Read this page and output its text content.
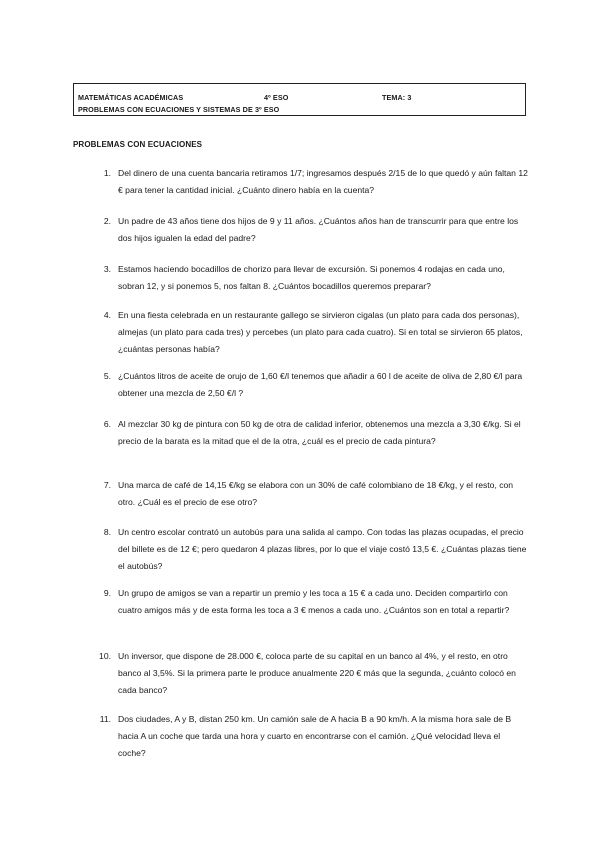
MATEMÁTICAS ACADÉMICAS	4º ESO	TEMA: 3
PROBLEMAS CON ECUACIONES Y SISTEMAS DE 3º ESO
PROBLEMAS CON ECUACIONES
1. Del dinero de una cuenta bancaria retiramos 1/7; ingresamos después 2/15 de lo que quedó y aún faltan 12 € para tener la cantidad inicial. ¿Cuánto dinero había en la cuenta?
2. Un padre de 43 años tiene dos hijos de 9 y 11 años. ¿Cuántos años han de transcurrir para que entre los dos hijos igualen la edad del padre?
3. Estamos haciendo bocadillos de chorizo para llevar de excursión. Si ponemos 4 rodajas en cada uno, sobran 12, y si ponemos 5, nos faltan 8. ¿Cuántos bocadillos queremos preparar?
4. En una fiesta celebrada en un restaurante gallego se sirvieron cigalas (un plato para cada dos personas), almejas (un plato para cada tres) y percebes (un plato para cada cuatro). Si en total se sirvieron 65 platos, ¿cuántas personas había?
5. ¿Cuántos litros de aceite de orujo de 1,60 €/l tenemos que añadir a 60 l de aceite de oliva de 2,80 €/l para obtener una mezcla de 2,50 €/l ?
6. Al mezclar 30 kg de pintura con 50 kg de otra de calidad inferior, obtenemos una mezcla a 3,30 €/kg. Si el precio de la barata es la mitad que el de la otra, ¿cuál es el precio de cada pintura?
7. Una marca de café de 14,15 €/kg se elabora con un 30% de café colombiano de 18 €/kg, y el resto, con otro. ¿Cuál es el precio de ese otro?
8. Un centro escolar contrató un autobús para una salida al campo. Con todas las plazas ocupadas, el precio del billete es de 12 €; pero quedaron 4 plazas libres, por lo que el viaje costó 13,5 €. ¿Cuántas plazas tiene el autobús?
9. Un grupo de amigos se van a repartir un premio y les toca a 15 € a cada uno. Deciden compartirlo con cuatro amigos más y de esta forma les toca a 3 € menos a cada uno. ¿Cuántos son en total a repartir?
10. Un inversor, que dispone de 28.000 €, coloca parte de su capital en un banco al 4%, y el resto, en otro banco al 3,5%. Si la primera parte le produce anualmente 220 € más que la segunda, ¿cuánto colocó en cada banco?
11. Dos ciudades, A y B, distan 250 km. Un camión sale de A hacia B a 90 km/h. A la misma hora sale de B hacia A un coche que tarda una hora y cuarto en encontrarse con el camión. ¿Qué velocidad lleva el coche?
